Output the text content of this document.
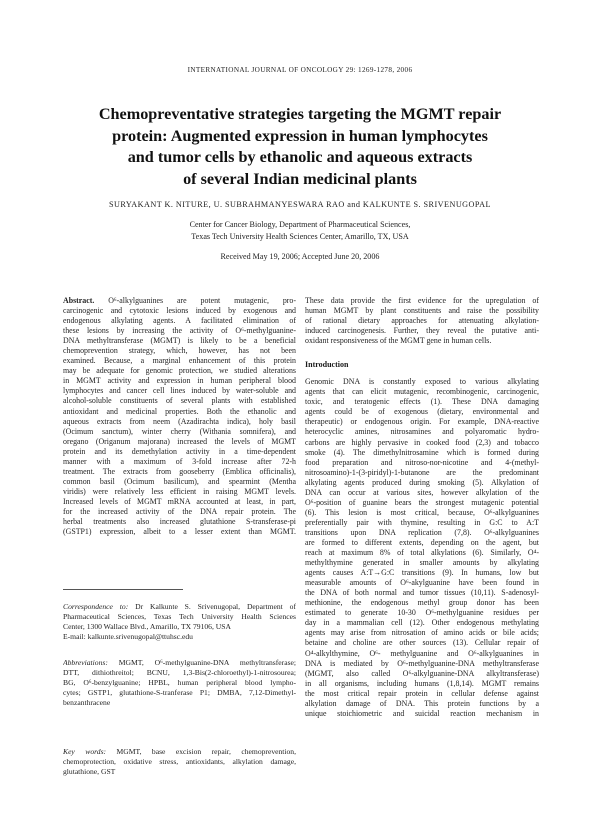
INTERNATIONAL JOURNAL OF ONCOLOGY 29: 1269-1278, 2006
Chemopreventative strategies targeting the MGMT repair
protein: Augmented expression in human lymphocytes
and tumor cells by ethanolic and aqueous extracts
of several Indian medicinal plants
SURYAKANT K. NITURE, U. SUBRAHMANYESWARA RAO and KALKUNTE S. SRIVENUGOPAL
Center for Cancer Biology, Department of Pharmaceutical Sciences,
Texas Tech University Health Sciences Center, Amarillo, TX, USA
Received May 19, 2006; Accepted June 20, 2006
Abstract. O⁶-alkylguanines are potent mutagenic, pro-
carcinogenic and cytotoxic lesions induced by exogenous and
endogenous alkylating agents. A facilitated elimination of
these lesions by increasing the activity of O⁶-methylguanine-
DNA methyltransferase (MGMT) is likely to be a beneficial
chemoprevention strategy, which, however, has not been
examined. Because, a marginal enhancement of this protein
may be adequate for genomic protection, we studied alterations
in MGMT activity and expression in human peripheral blood
lymphocytes and cancer cell lines induced by water-soluble and
alcohol-soluble constituents of several plants with established
antioxidant and medicinal properties. Both the ethanolic and
aqueous extracts from neem (Azadirachta indica), holy basil
(Ocimum sanctum), winter cherry (Withania somnifera), and
oregano (Origanum majorana) increased the levels of MGMT
protein and its demethylation activity in a time-dependent
manner with a maximum of 3-fold increase after 72-h
treatment. The extracts from gooseberry (Emblica officinalis),
common basil (Ocimum basilicum), and spearmint (Mentha
viridis) were relatively less efficient in raising MGMT levels.
Increased levels of MGMT mRNA accounted at least, in part,
for the increased activity of the DNA repair protein. The
herbal treatments also increased glutathione S-transferase-pi
(GSTP1) expression, albeit to a lesser extent than MGMT.
Correspondence to: Dr Kalkunte S. Srivenugopal, Department of
Pharmaceutical Sciences, Texas Tech University Health Sciences
Center, 1300 Wallace Blvd., Amarillo, TX 79106, USA
E-mail: kalkunte.srivenugopal@ttuhsc.edu
Abbreviations: MGMT, O⁶-methylguanine-DNA methyltransferase;
DTT, dithiothreitol; BCNU, 1,3-Bis(2-chloroethyl)-1-nitrosourea;
BG, O⁶-benzylguanine; HPBL, human peripheral blood lympho-
cytes; GSTP1, glutathione-S-tranferase P1; DMBA, 7,12-Dimethyl-
benzanthracene
Key words: MGMT, base excision repair, chemoprevention,
chemoprotection, oxidative stress, antioxidants, alkylation damage,
glutathione, GST
These data provide the first evidence for the upregulation of
human MGMT by plant constituents and raise the possibility
of rational dietary approaches for attenuating alkylation-
induced carcinogenesis. Further, they reveal the putative anti-
oxidant responsiveness of the MGMT gene in human cells.
Introduction
Genomic DNA is constantly exposed to various alkylating
agents that can elicit mutagenic, recombinogenic, carcinogenic,
toxic, and teratogenic effects (1). These DNA damaging
agents could be of exogenous (dietary, environmental and
therapeutic) or endogenous origin. For example, DNA-reactive
heterocyclic amines, nitrosamines and polyaromatic hydro-
carbons are highly pervasive in cooked food (2,3) and tobacco
smoke (4). The dimethylnitrosamine which is formed during
food preparation and nitroso-nor-nicotine and 4-(methyl-
nitrosoamino)-1-(3-piridyl)-1-butanone are the predominant
alkylating agents produced during smoking (5). Alkylation of
DNA can occur at various sites, however alkylation of the
O⁶-position of guanine bears the strongest mutagenic potential
(6). This lesion is most critical, because, O⁶-alkylguanines
preferentially pair with thymine, resulting in G:C to A:T
transitions upon DNA replication (7,8). O⁶-alkylguanines
are formed to different extents, depending on the agent, but
reach at maximum 8% of total alkylations (6). Similarly, O⁴-
methylthymine generated in smaller amounts by alkylating
agents causes A:T→G:C transitions (9). In humans, low but
measurable amounts of O⁶-akylguanine have been found in
the DNA of both normal and tumor tissues (10,11). S-adenosyl-
methionine, the endogenous methyl group donor has been
estimated to generate 10-30 O⁶-methylguanine residues per
day in a mammalian cell (12). Other endogenous methylating
agents may arise from nitrosation of amino acids or bile acids;
betaine and choline are other sources (13). Cellular repair of
O⁴-alkylthymine, O⁶- methylguanine and O⁶-alkylguanines in
DNA is mediated by O⁶-methylguanine-DNA methyltransferase
(MGMT, also called O⁶-alkylguanine-DNA alkyltransferase)
in all organisms, including humans (1,8,14). MGMT remains
the most critical repair protein in cellular defense against
alkylation damage of DNA. This protein functions by a
unique stoichiometric and suicidal reaction mechanism in
